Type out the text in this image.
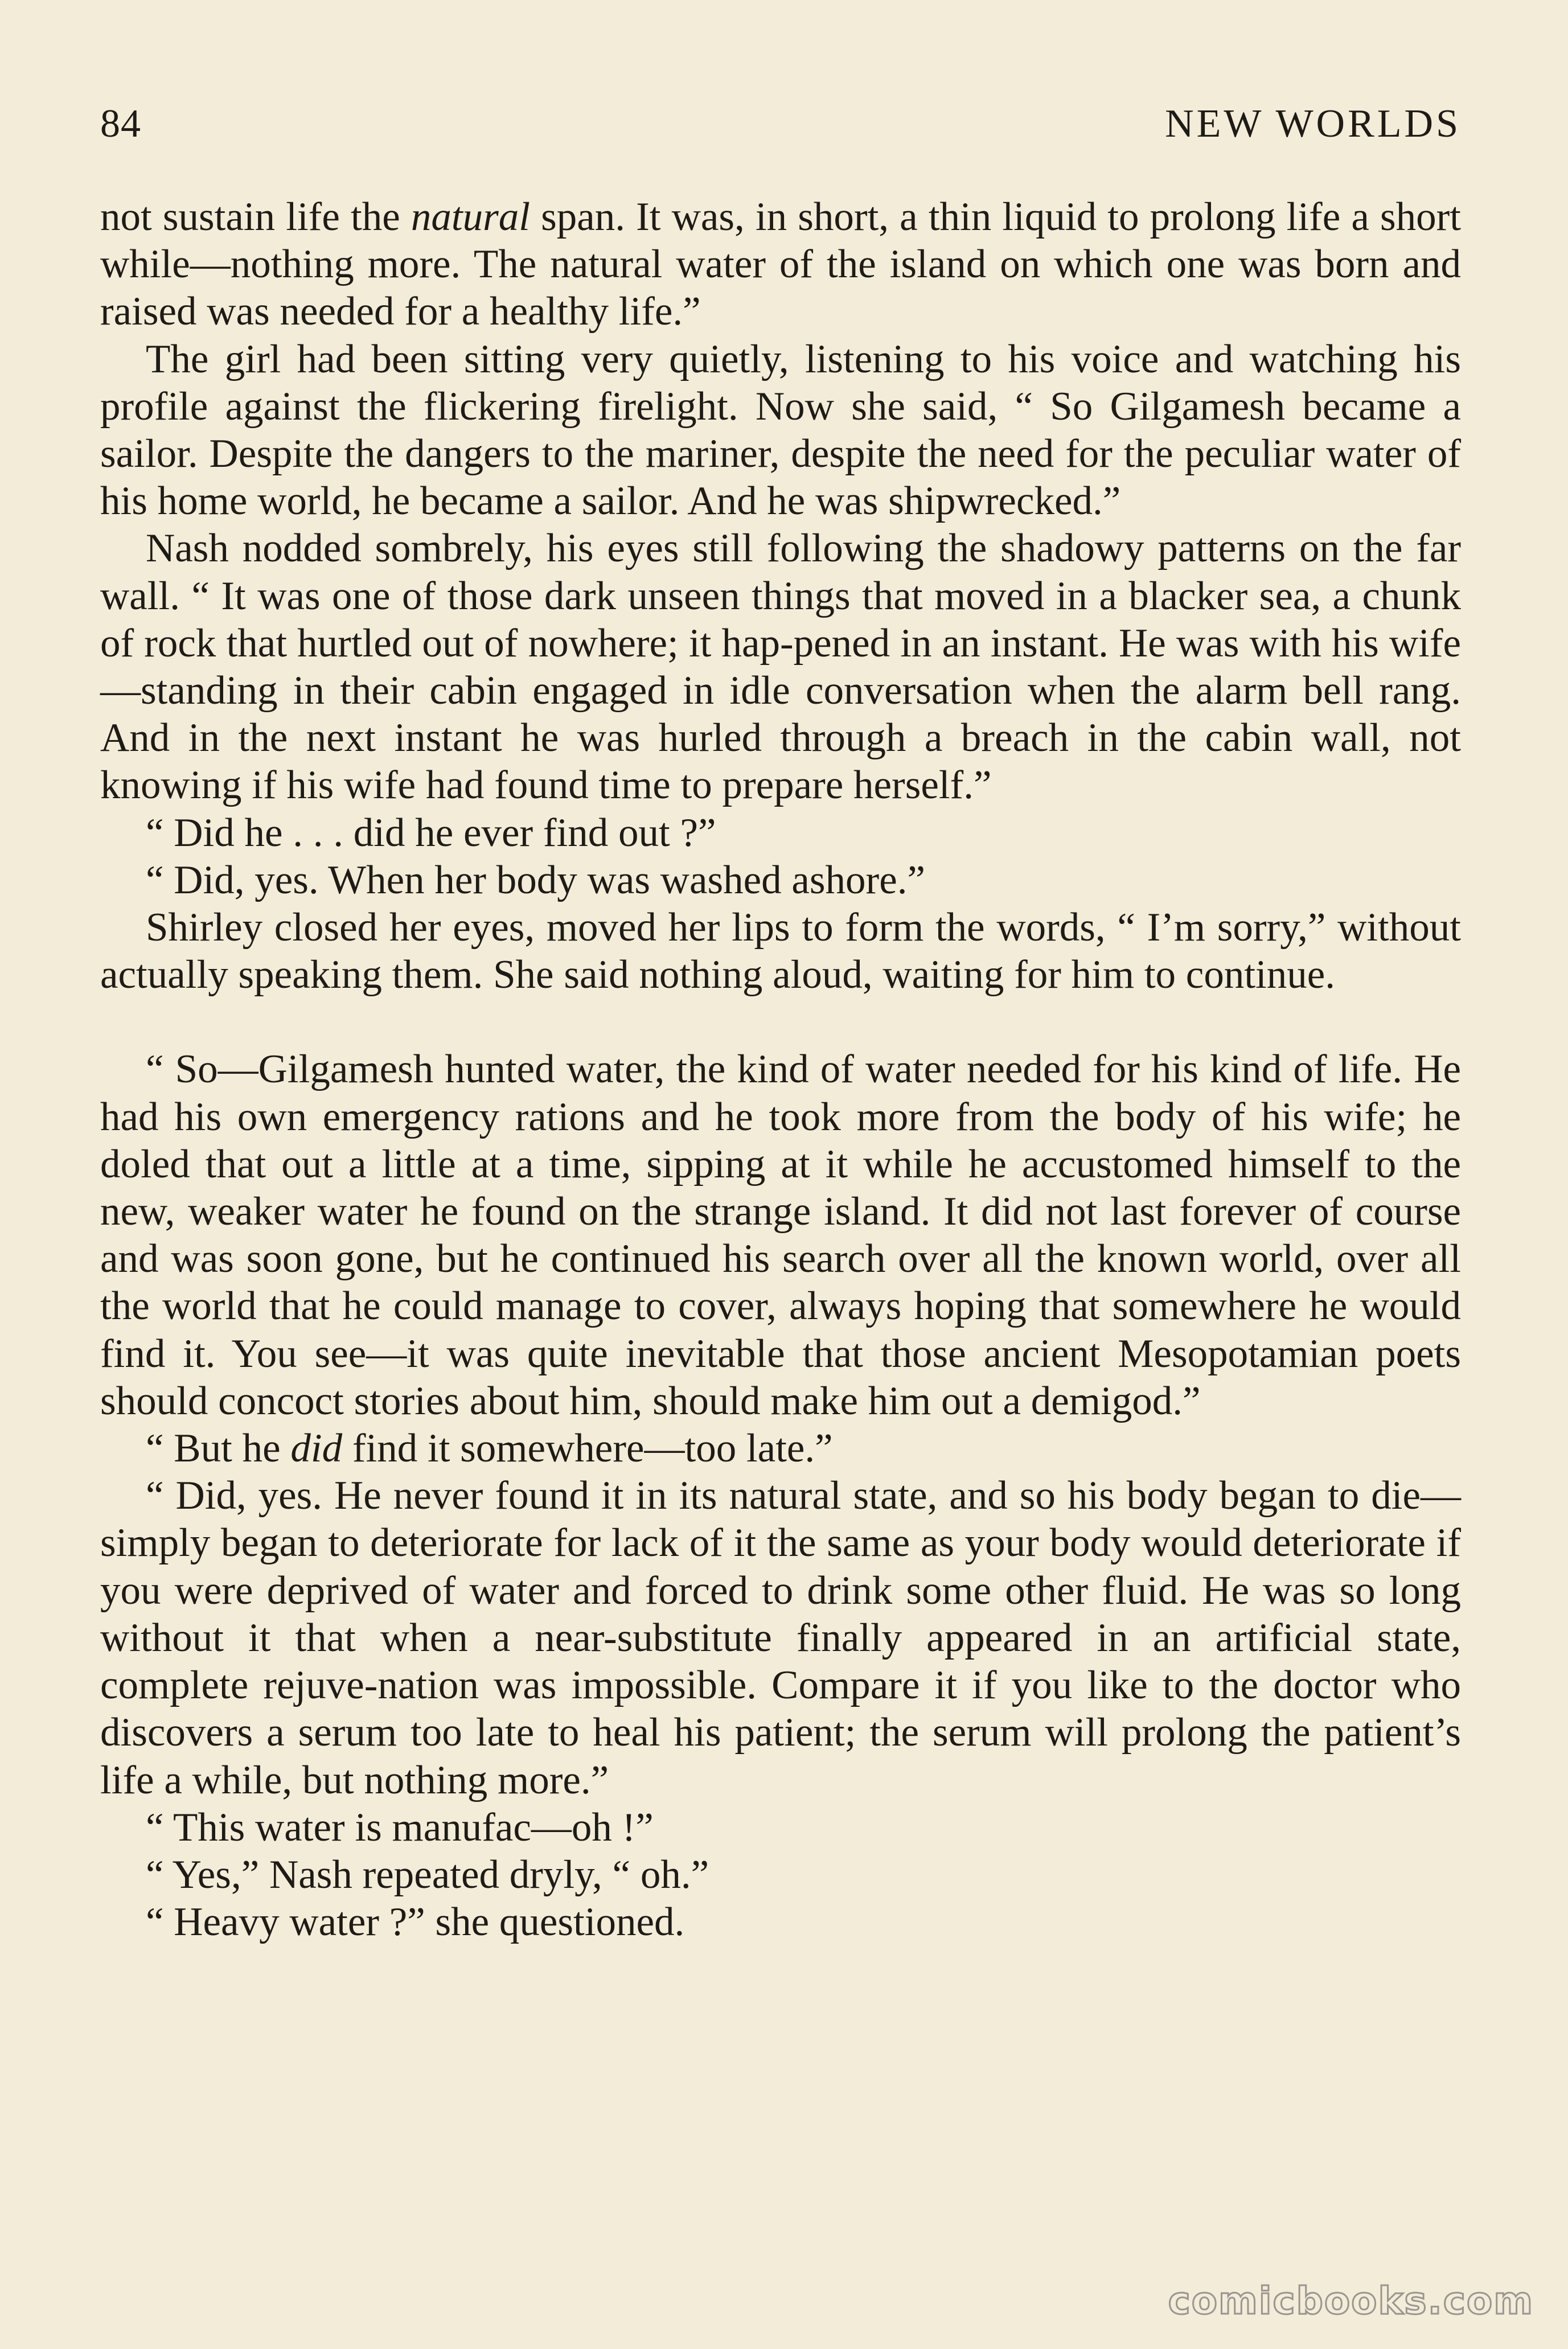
84	NEW WORLDS

not sustain life the natural span. It was, in short, a thin liquid to prolong life a short while—nothing more. The natural water of the island on which one was born and raised was needed for a healthy life.”

The girl had been sitting very quietly, listening to his voice and watching his profile against the flickering firelight. Now she said, “ So Gilgamesh became a sailor. Despite the dangers to the mariner, despite the need for the peculiar water of his home world, he became a sailor. And he was shipwrecked.”

Nash nodded sombrely, his eyes still following the shadowy patterns on the far wall. “ It was one of those dark unseen things that moved in a blacker sea, a chunk of rock that hurtled out of nowhere; it hap-pened in an instant. He was with his wife—standing in their cabin engaged in idle conversation when the alarm bell rang. And in the next instant he was hurled through a breach in the cabin wall, not knowing if his wife had found time to prepare herself.”

“ Did he . . . did he ever find out ?”

“ Did, yes. When her body was washed ashore.”

Shirley closed her eyes, moved her lips to form the words, “ I’m sorry,” without actually speaking them. She said nothing aloud, waiting for him to continue.

“ So—Gilgamesh hunted water, the kind of water needed for his kind of life. He had his own emergency rations and he took more from the body of his wife; he doled that out a little at a time, sipping at it while he accustomed himself to the new, weaker water he found on the strange island. It did not last forever of course and was soon gone, but he continued his search over all the known world, over all the world that he could manage to cover, always hoping that somewhere he would find it. You see—it was quite inevitable that those ancient Mesopotamian poets should concoct stories about him, should make him out a demigod.”

“ But he did find it somewhere—too late.”

“ Did, yes. He never found it in its natural state, and so his body began to die—simply began to deteriorate for lack of it the same as your body would deteriorate if you were deprived of water and forced to drink some other fluid. He was so long without it that when a near-substitute finally appeared in an artificial state, complete rejuve-nation was impossible. Compare it if you like to the doctor who discovers a serum too late to heal his patient; the serum will prolong the patient’s life a while, but nothing more.”

“ This water is manufac—oh !”

“ Yes,” Nash repeated dryly, “ oh.”

“ Heavy water ?” she questioned.

comicbooks.com
